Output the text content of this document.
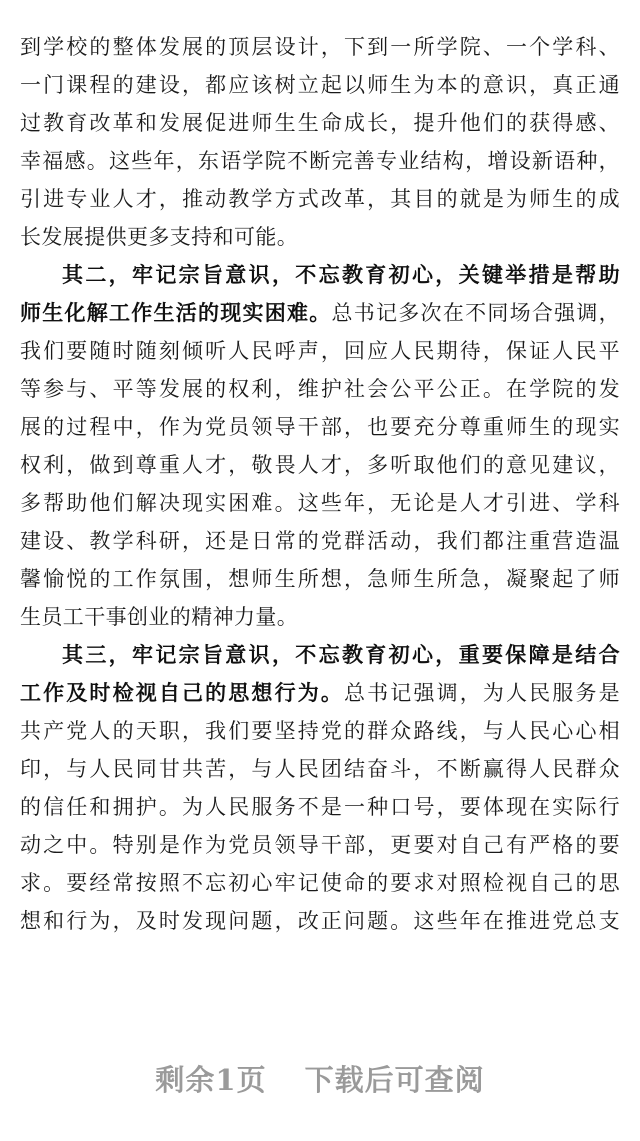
到学校的整体发展的顶层设计，下到一所学院、一个学科、
一门课程的建设，都应该树立起以师生为本的意识，真正通
过教育改革和发展促进师生生命成长，提升他们的获得感、
幸福感。这些年，东语学院不断完善专业结构，增设新语种，
引进专业人才，推动教学方式改革，其目的就是为师生的成
长发展提供更多支持和可能。
其二，牢记宗旨意识，不忘教育初心，关键举措是帮助
师生化解工作生活的现实困难。总书记多次在不同场合强调，
我们要随时随刻倾听人民呼声，回应人民期待，保证人民平
等参与、平等发展的权利，维护社会公平公正。在学院的发
展的过程中，作为党员领导干部，也要充分尊重师生的现实
权利，做到尊重人才，敬畏人才，多听取他们的意见建议，
多帮助他们解决现实困难。这些年，无论是人才引进、学科
建设、教学科研，还是日常的党群活动，我们都注重营造温
馨愉悦的工作氛围，想师生所想，急师生所急，凝聚起了师
生员工干事创业的精神力量。
其三，牢记宗旨意识，不忘教育初心，重要保障是结合
工作及时检视自己的思想行为。总书记强调，为人民服务是
共产党人的天职，我们要坚持党的群众路线，与人民心心相
印，与人民同甘共苦，与人民团结奋斗，不断赢得人民群众
的信任和拥护。为人民服务不是一种口号，要体现在实际行
动之中。特别是作为党员领导干部，更要对自己有严格的要
求。要经常按照不忘初心牢记使命的要求对照检视自己的思
想和行为，及时发现问题，改正问题。这些年在推进党总支
剩余1页 下载后可查阅
